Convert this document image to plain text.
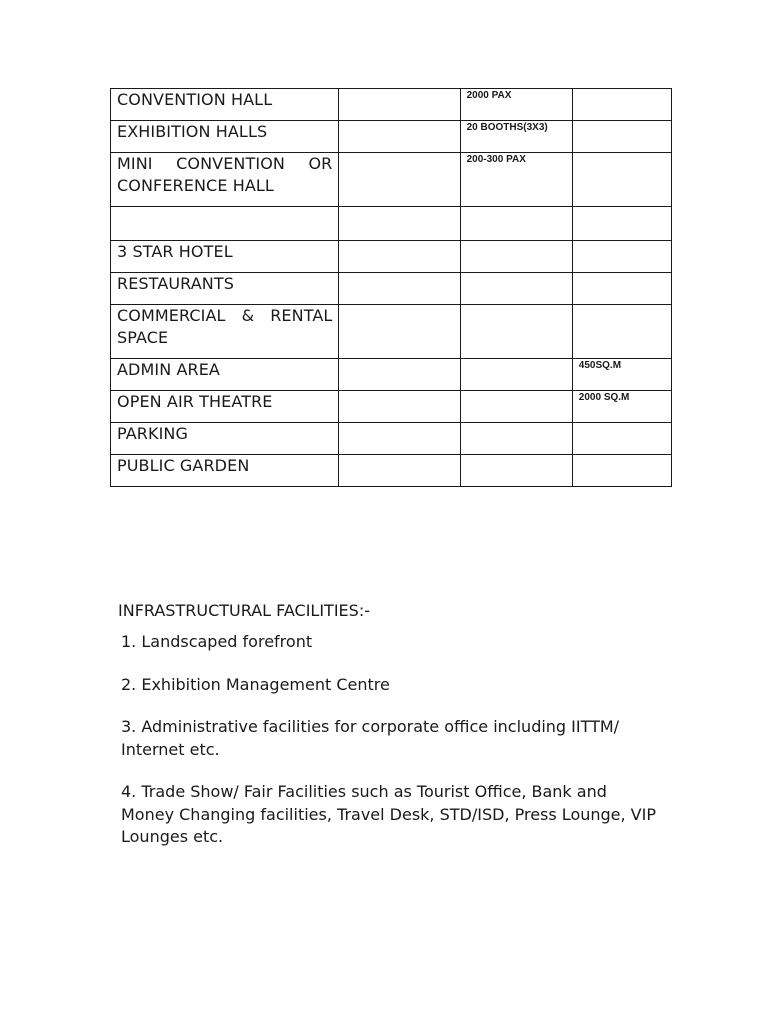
CONVENTION HALL		2000 PAX	

EXHIBITION HALLS		20 BOOTHS(3X3)	

MINI CONVENTION OR CONFERENCE HALL		200-300 PAX	

3 STAR HOTEL			

RESTAURANTS			

COMMERCIAL & RENTAL SPACE			

ADMIN AREA			450SQ.M

OPEN AIR THEATRE			2000 SQ.M

PARKING			

PUBLIC GARDEN			

INFRASTRUCTURAL FACILITIES:-
1. Landscaped forefront
2. Exhibition Management Centre
3. Administrative facilities for corporate office including IITTM/ Internet etc.
4. Trade Show/ Fair Facilities such as Tourist Office, Bank and Money Changing facilities, Travel Desk, STD/ISD, Press Lounge, VIP Lounges etc.
